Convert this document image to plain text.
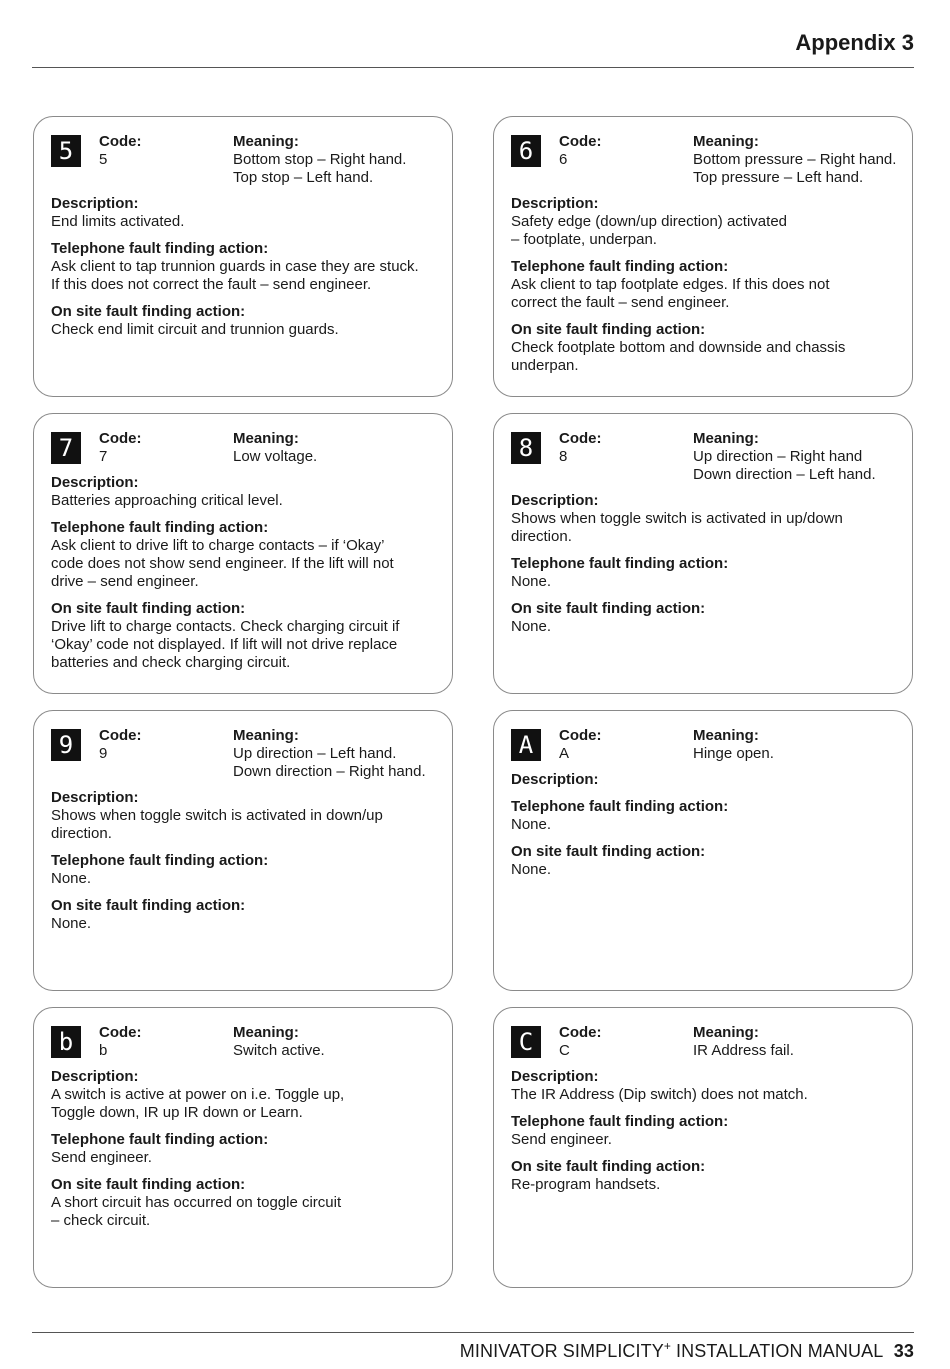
Appendix 3
5	Code:
5
Meaning:
Bottom stop – Right hand.
Top stop – Left hand.
Description:
End limits activated.
Telephone fault finding action:
Ask client to tap trunnion guards in case they are stuck.
If this does not correct the fault – send engineer.
On site fault finding action:
Check end limit circuit and trunnion guards.
6	Code:
6
Meaning:
Bottom pressure – Right hand.
Top pressure – Left hand.
Description:
Safety edge (down/up direction) activated
– footplate, underpan.
Telephone fault finding action:
Ask client to tap footplate edges. If this does not
correct the fault – send engineer.
On site fault finding action:
Check footplate bottom and downside and chassis
underpan.
7	Code:
7
Meaning:
Low voltage.
Description:
Batteries approaching critical level.
Telephone fault finding action:
Ask client to drive lift to charge contacts – if ‘Okay’
code does not show send engineer. If the lift will not
drive – send engineer.
On site fault finding action:
Drive lift to charge contacts. Check charging circuit if
‘Okay’ code not displayed. If lift will not drive replace
batteries and check charging circuit.
8	Code:
8
Meaning:
Up direction – Right hand
Down direction – Left hand.
Description:
Shows when toggle switch is activated in up/down
direction.
Telephone fault finding action:
None.
On site fault finding action:
None.
9	Code:
9
Meaning:
Up direction – Left hand.
Down direction – Right hand.
Description:
Shows when toggle switch is activated in down/up
direction.
Telephone fault finding action:
None.
On site fault finding action:
None.
A	Code:
A
Meaning:
Hinge open.
Description:
Telephone fault finding action:
None.
On site fault finding action:
None.
b	Code:
b
Meaning:
Switch active.
Description:
A switch is active at power on i.e. Toggle up,
Toggle down, IR up IR down or Learn.
Telephone fault finding action:
Send engineer.
On site fault finding action:
A short circuit has occurred on toggle circuit
– check circuit.
C	Code:
C
Meaning:
IR Address fail.
Description:
The IR Address (Dip switch) does not match.
Telephone fault finding action:
Send engineer.
On site fault finding action:
Re-program handsets.
MINIVATOR SIMPLICITY+ INSTALLATION MANUAL 33
